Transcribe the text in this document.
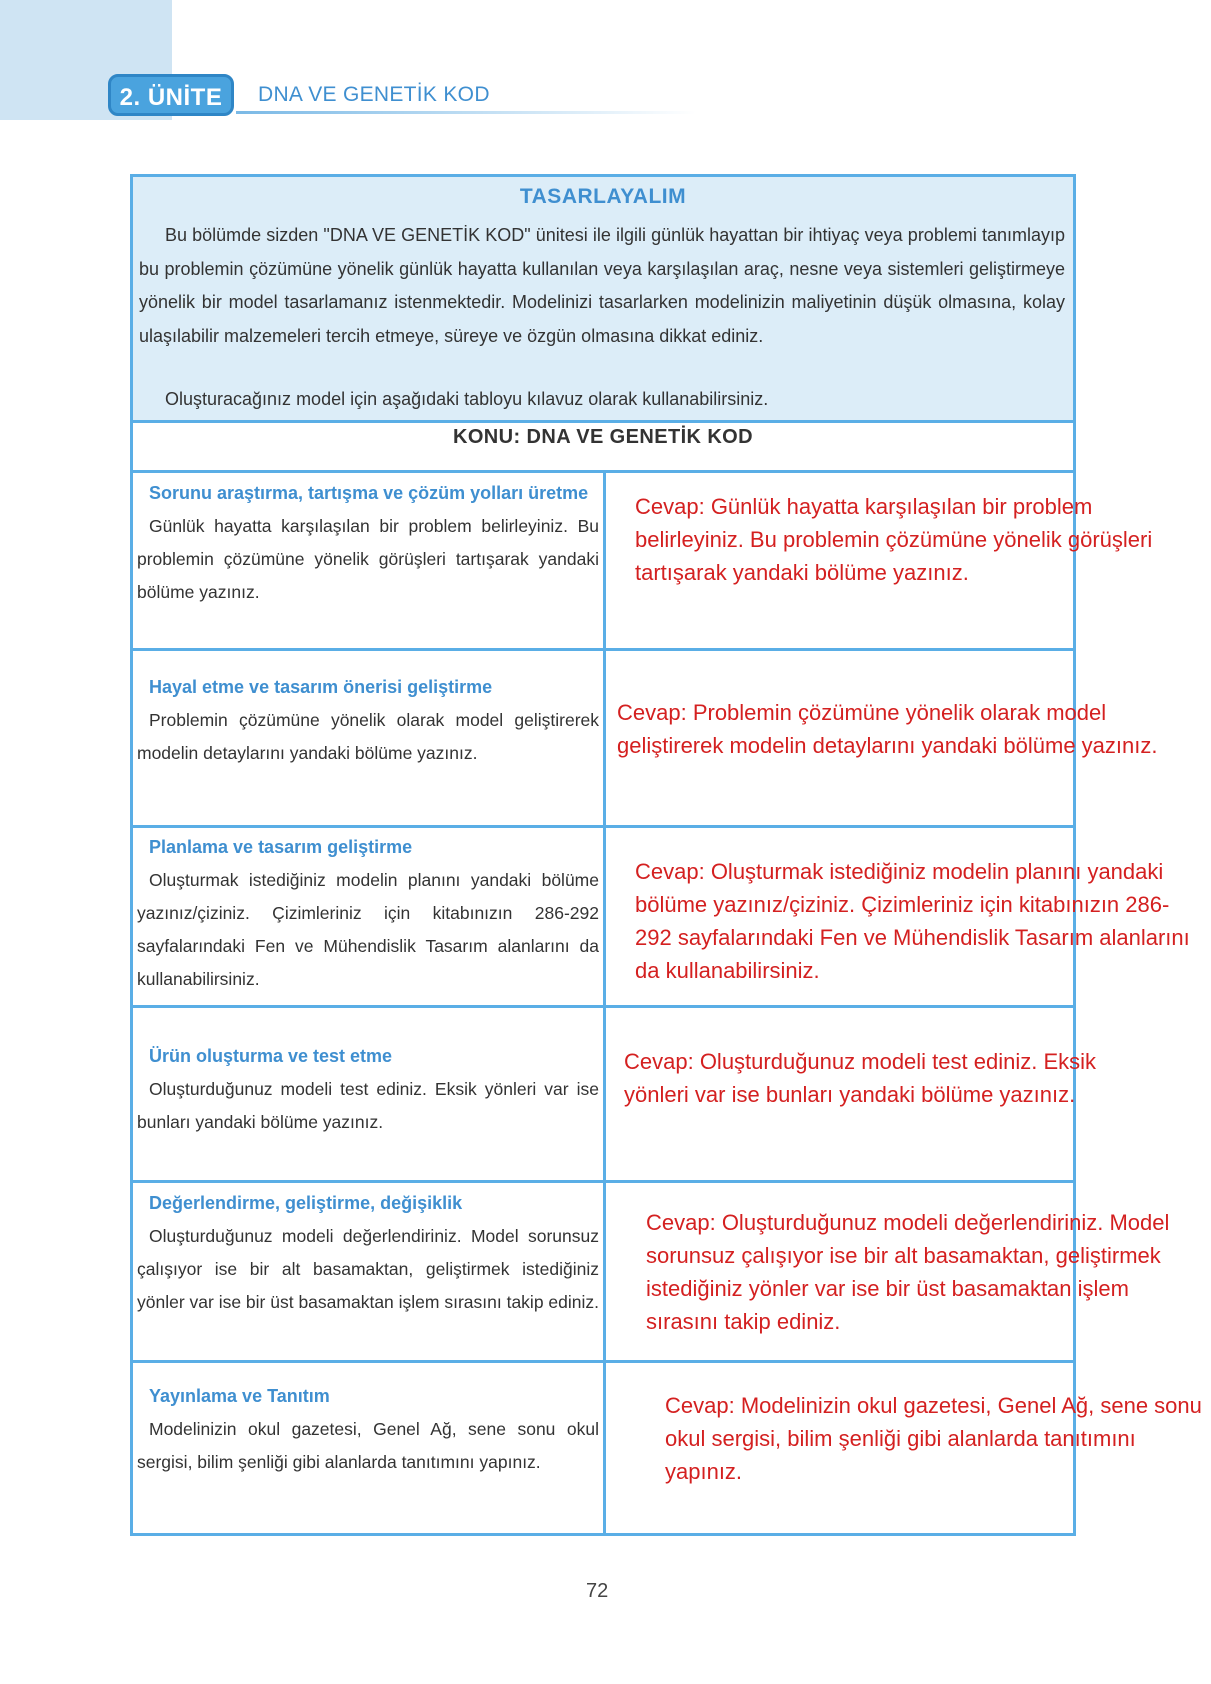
2. ÜNİTE	DNA VE GENETİK KOD
TASARLAYALIM

Bu bölümde sizden "DNA VE GENETİK KOD" ünitesi ile ilgili günlük hayattan bir ihtiyaç veya problemi tanımlayıp bu problemin çözümüne yönelik günlük hayatta kullanılan veya karşılaşılan araç, nesne veya sistemleri geliştirmeye yönelik bir model tasarlamanız istenmektedir. Modelinizi tasarlarken modelinizin maliyetinin düşük olmasına, kolay ulaşılabilir malzemeleri tercih etmeye, süreye ve özgün olmasına dikkat ediniz.

Oluşturacağınız model için aşağıdaki tabloyu kılavuz olarak kullanabilirsiniz.

KONU: DNA VE GENETİK KOD
Sorunu araştırma, tartışma ve çözüm yolları üretme
Günlük hayatta karşılaşılan bir problem belirleyiniz. Bu problemin çözümüne yönelik görüşleri tartışarak yandaki bölüme yazınız.
Cevap: Günlük hayatta karşılaşılan bir problem belirleyiniz. Bu problemin çözümüne yönelik görüşleri tartışarak yandaki bölüme yazınız.
Hayal etme ve tasarım önerisi geliştirme
Problemin çözümüne yönelik olarak model geliştirerek modelin detaylarını yandaki bölüme yazınız.
Cevap: Problemin çözümüne yönelik olarak model geliştirerek modelin detaylarını yandaki bölüme yazınız.
Planlama ve tasarım geliştirme
Oluşturmak istediğiniz modelin planını yandaki bölüme yazınız/çiziniz. Çizimleriniz için kitabınızın 286-292 sayfalarındaki Fen ve Mühendislik Tasarım alanlarını da kullanabilirsiniz.
Cevap: Oluşturmak istediğiniz modelin planını yandaki bölüme yazınız/çiziniz. Çizimleriniz için kitabınızın 286-292 sayfalarındaki Fen ve Mühendislik Tasarım alanlarını da kullanabilirsiniz.
Ürün oluşturma ve test etme
Oluşturduğunuz modeli test ediniz. Eksik yönleri var ise bunları yandaki bölüme yazınız.
Cevap: Oluşturduğunuz modeli test ediniz. Eksik yönleri var ise bunları yandaki bölüme yazınız.
Değerlendirme, geliştirme, değişiklik
Oluşturduğunuz modeli değerlendiriniz. Model sorunsuz çalışıyor ise bir alt basamaktan, geliştirmek istediğiniz yönler var ise bir üst basamaktan işlem sırasını takip ediniz.
Cevap: Oluşturduğunuz modeli değerlendiriniz. Model sorunsuz çalışıyor ise bir alt basamaktan, geliştirmek istediğiniz yönler var ise bir üst basamaktan işlem sırasını takip ediniz.
Yayınlama ve Tanıtım
Modelinizin okul gazetesi, Genel Ağ, sene sonu okul sergisi, bilim şenliği gibi alanlarda tanıtımını yapınız.
Cevap: Modelinizin okul gazetesi, Genel Ağ, sene sonu okul sergisi, bilim şenliği gibi alanlarda tanıtımını yapınız.
72
